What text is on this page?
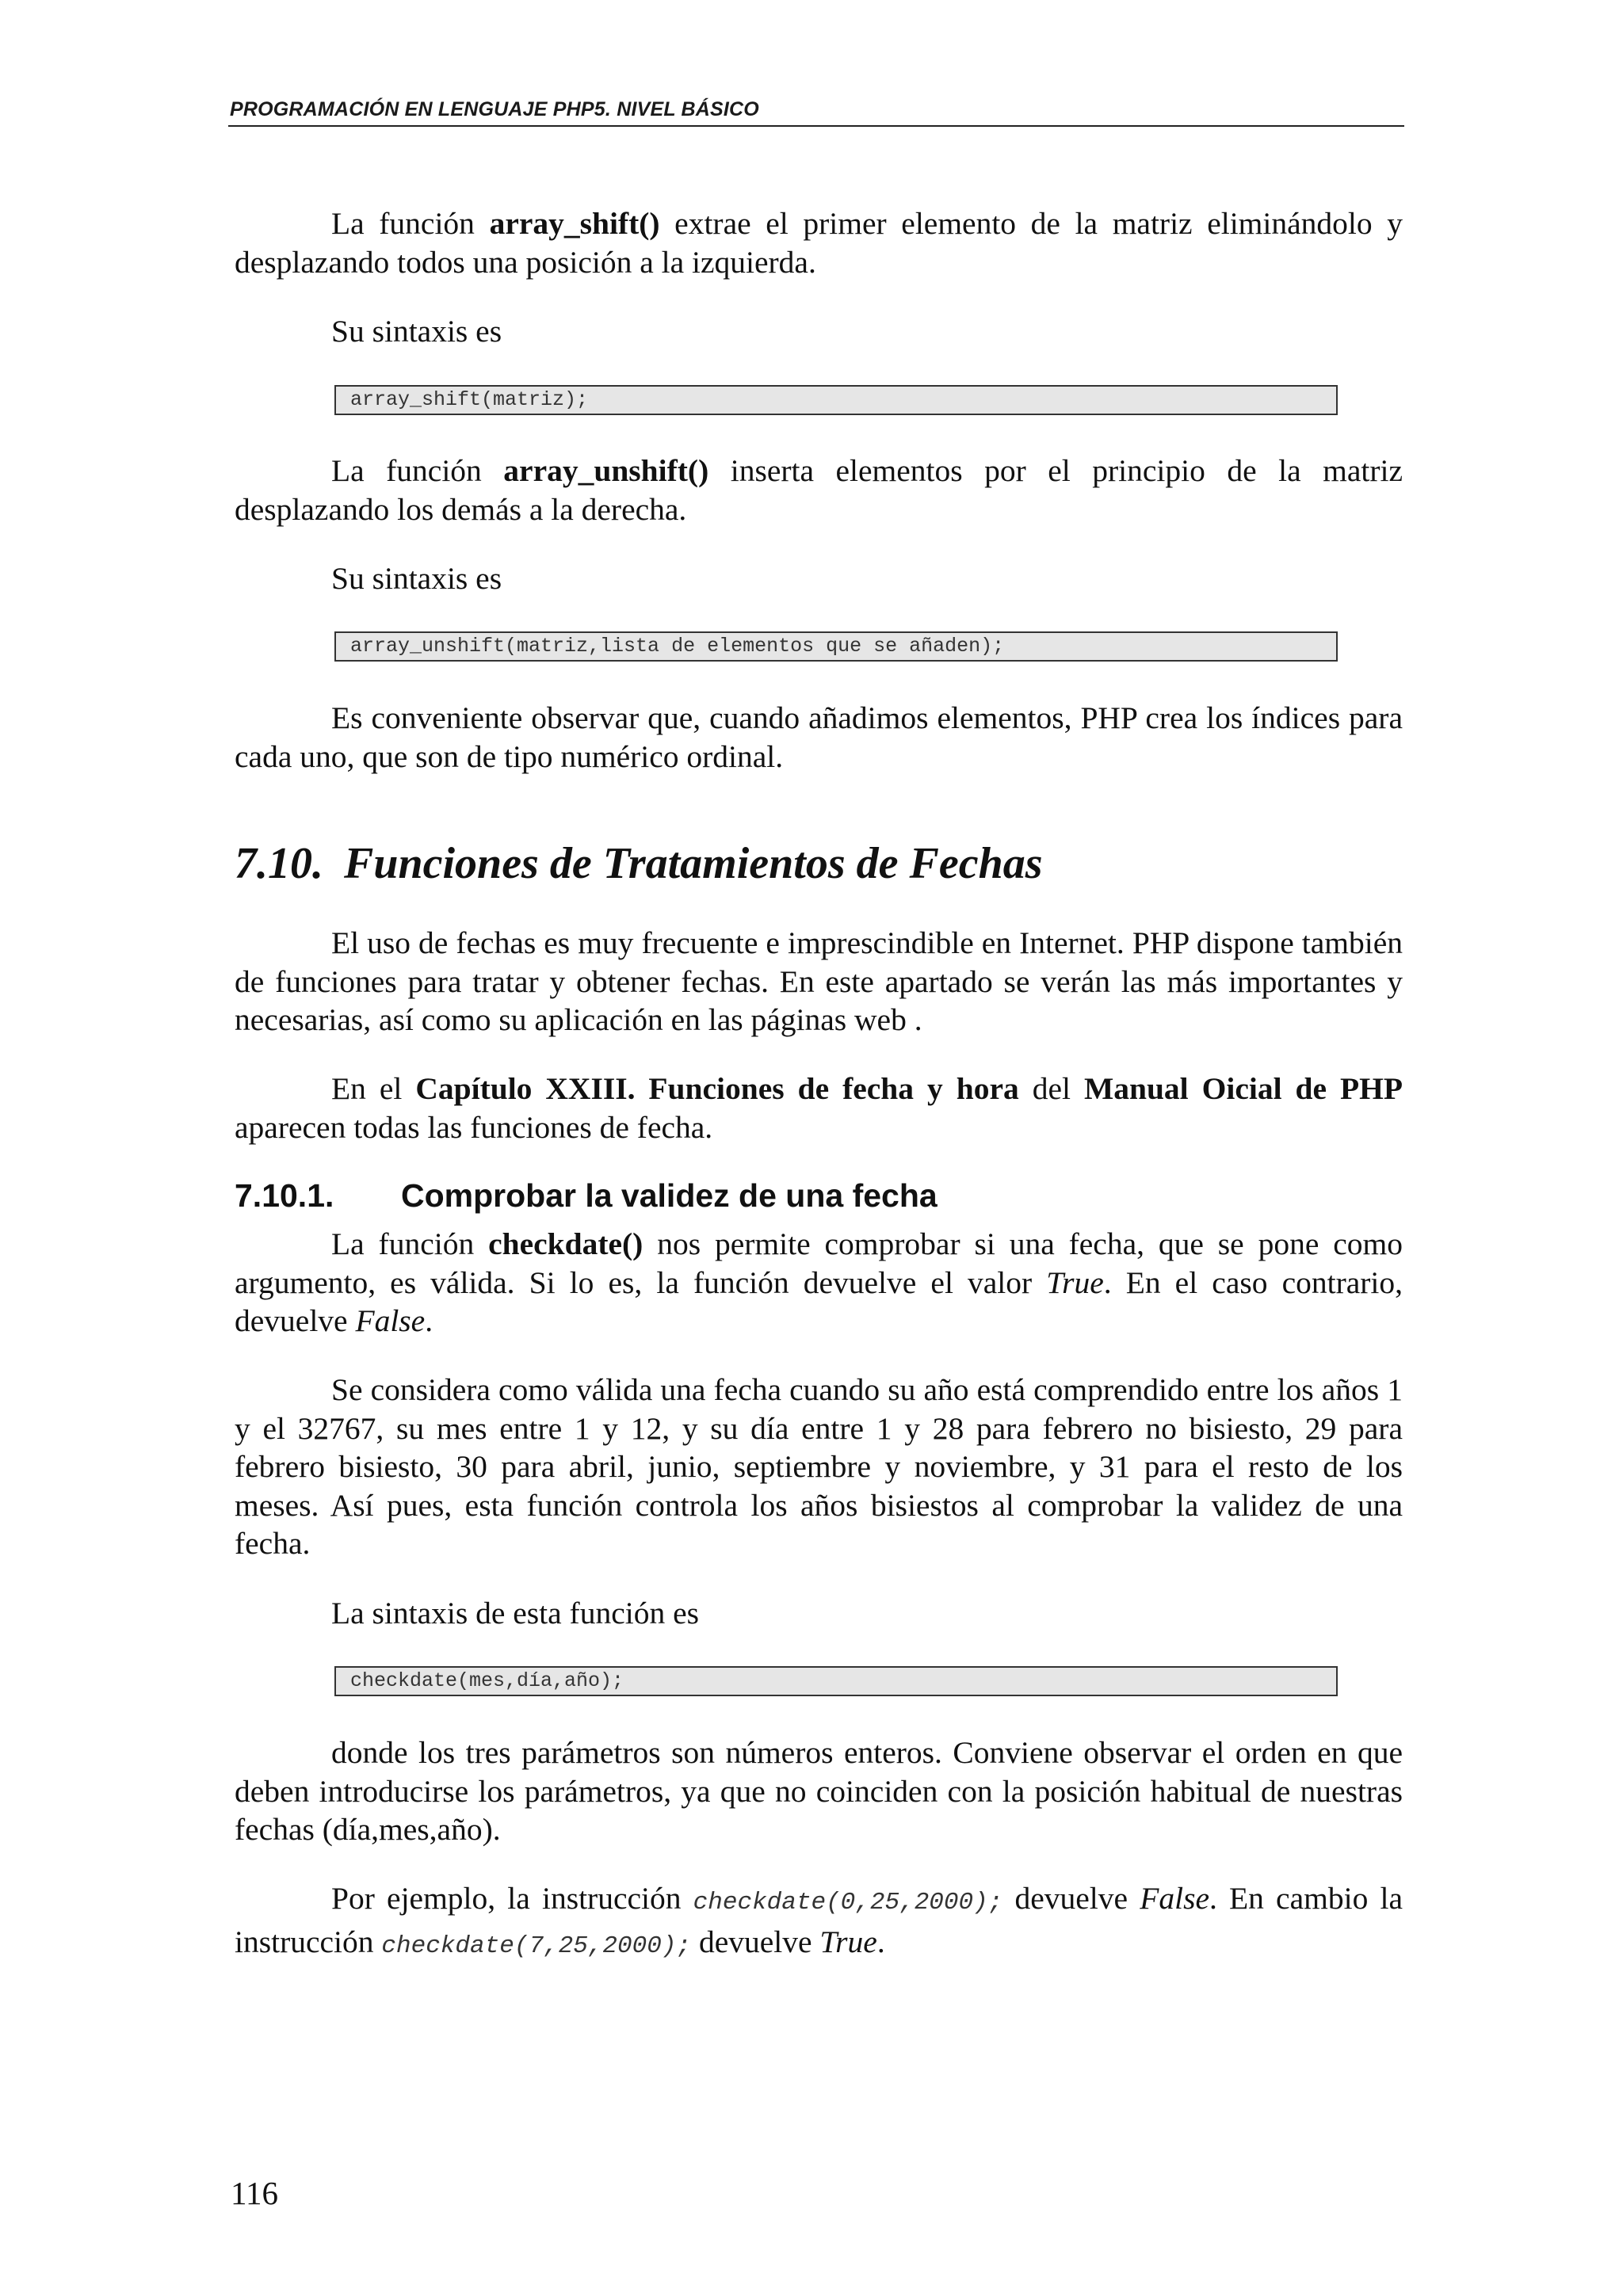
PROGRAMACIÓN EN LENGUAJE PHP5. NIVEL BÁSICO
La función array_shift() extrae el primer elemento de la matriz eliminándolo y desplazando todos una posición a la izquierda.
Su sintaxis es
array_shift(matriz);
La función array_unshift() inserta elementos por el principio de la matriz desplazando los demás a la derecha.
Su sintaxis es
array_unshift(matriz,lista de elementos que se añaden);
Es conveniente observar que, cuando añadimos elementos, PHP crea los índices para cada uno, que son de tipo numérico ordinal.
7.10. Funciones de Tratamientos de Fechas
El uso de fechas es muy frecuente e imprescindible en Internet. PHP dispone también de funciones para tratar y obtener fechas. En este apartado se verán las más importantes y necesarias, así como su aplicación en las páginas web .
En el Capítulo XXIII. Funciones de fecha y hora del Manual Oicial de PHP aparecen todas las funciones de fecha.
7.10.1. Comprobar la validez de una fecha
La función checkdate() nos permite comprobar si una fecha, que se pone como argumento, es válida. Si lo es, la función devuelve el valor True. En el caso contrario, devuelve False.
Se considera como válida una fecha cuando su año está comprendido entre los años 1 y el 32767, su mes entre 1 y 12, y su día entre 1 y 28 para febrero no bisiesto, 29 para febrero bisiesto, 30 para abril, junio, septiembre y noviembre, y 31 para el resto de los meses. Así pues, esta función controla los años bisiestos al comprobar la validez de una fecha.
La sintaxis de esta función es
checkdate(mes,día,año);
donde los tres parámetros son números enteros. Conviene observar el orden en que deben introducirse los parámetros, ya que no coinciden con la posición habitual de nuestras fechas (día,mes,año).
Por ejemplo, la instrucción checkdate(0,25,2000); devuelve False. En cambio la instrucción checkdate(7,25,2000); devuelve True.
116
